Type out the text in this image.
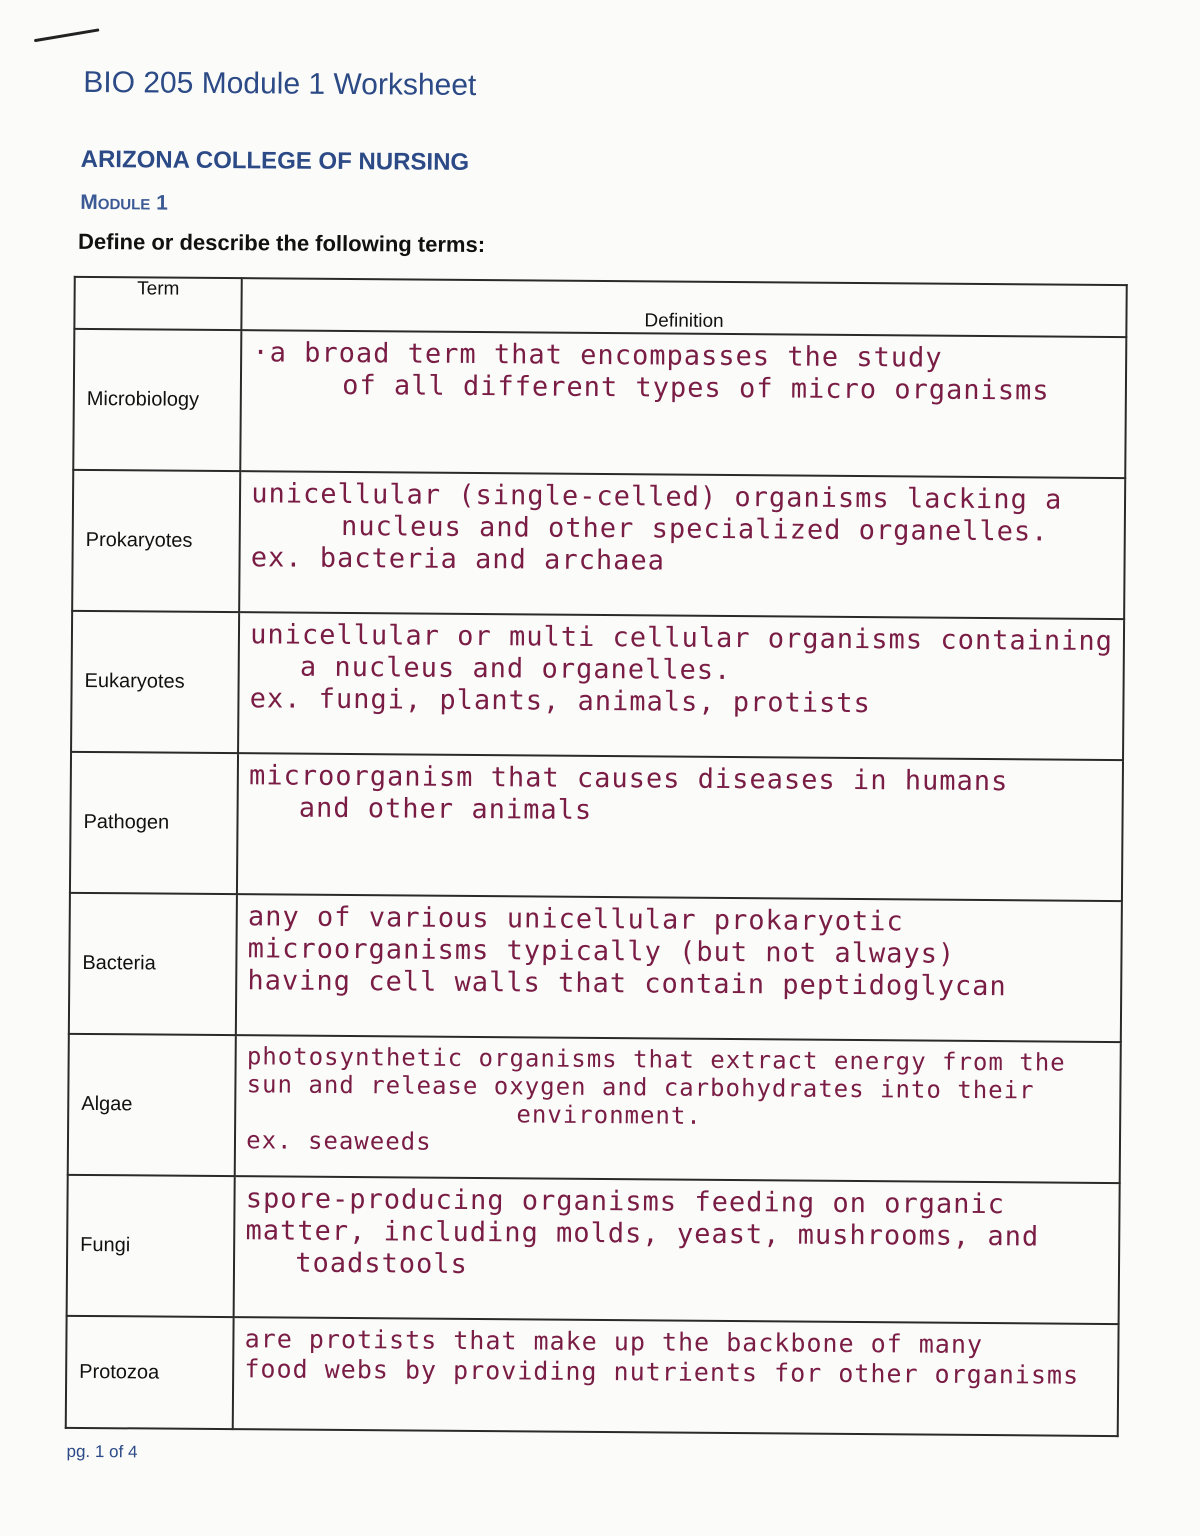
BIO 205 Module 1 Worksheet
ARIZONA COLLEGE OF NURSING
Module 1
Define or describe the following terms:
Term	Definition
Microbiology	·a broad term that encompasses the study
of all different types of micro organisms

Prokaryotes	unicellular (single-celled) organisms lacking a
nucleus and other specialized organelles.
ex. bacteria and archaea

Eukaryotes	unicellular or multi cellular organisms containing
a nucleus and organelles.
ex. fungi, plants, animals, protists

Pathogen	microorganism that causes diseases in humans
and other animals

Bacteria	any of various unicellular prokaryotic
microorganisms typically (but not always)
having cell walls that contain peptidoglycan

Algae	photosynthetic organisms that extract energy from the
sun and release oxygen and carbohydrates into their
environment.
ex. seaweeds

Fungi	spore-producing organisms feeding on organic
matter, including molds, yeast, mushrooms, and
toadstools

Protozoa	are protists that make up the backbone of many
food webs by providing nutrients for other organisms
pg. 1 of 4
